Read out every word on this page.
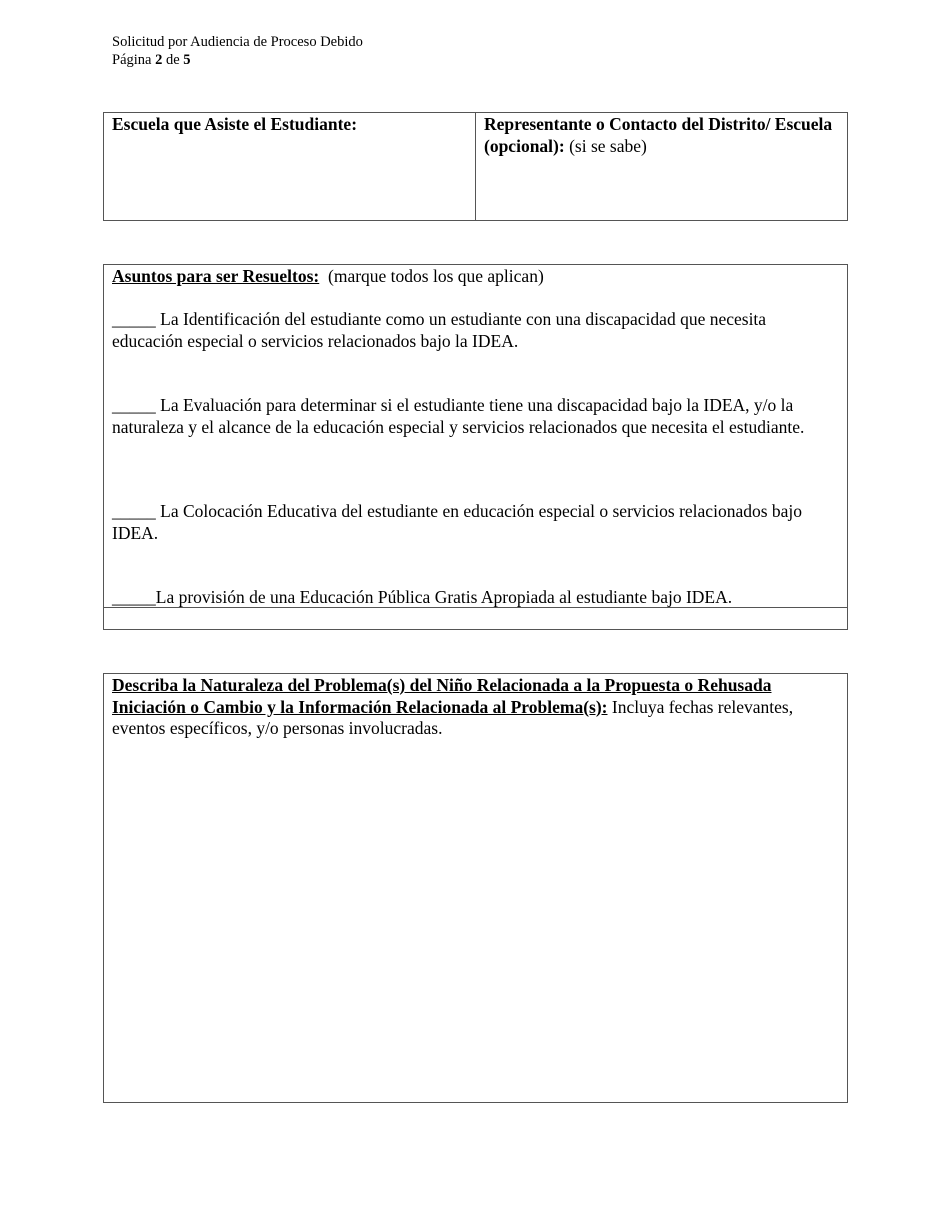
Solicitud por Audiencia de Proceso Debido
Página 2 de 5
Escuela que Asiste el Estudiante:	Representante o Contacto del Distrito/ Escuela (opcional): (si se sabe)

Asuntos para ser Resueltos: (marque todos los que aplican)

_____ La Identificación del estudiante como un estudiante con una discapacidad que necesita educación especial o servicios relacionados bajo la IDEA.

_____ La Evaluación para determinar si el estudiante tiene una discapacidad bajo la IDEA, y/o la naturaleza y el alcance de la educación especial y servicios relacionados que necesita el estudiante.

_____ La Colocación Educativa del estudiante en educación especial o servicios relacionados bajo IDEA.

_____La provisión de una Educación Pública Gratis Apropiada al estudiante bajo IDEA.

Describa la Naturaleza del Problema(s) del Niño Relacionada a la Propuesta o Rehusada Iniciación o Cambio y la Información Relacionada al Problema(s): Incluya fechas relevantes, eventos específicos, y/o personas involucradas.
